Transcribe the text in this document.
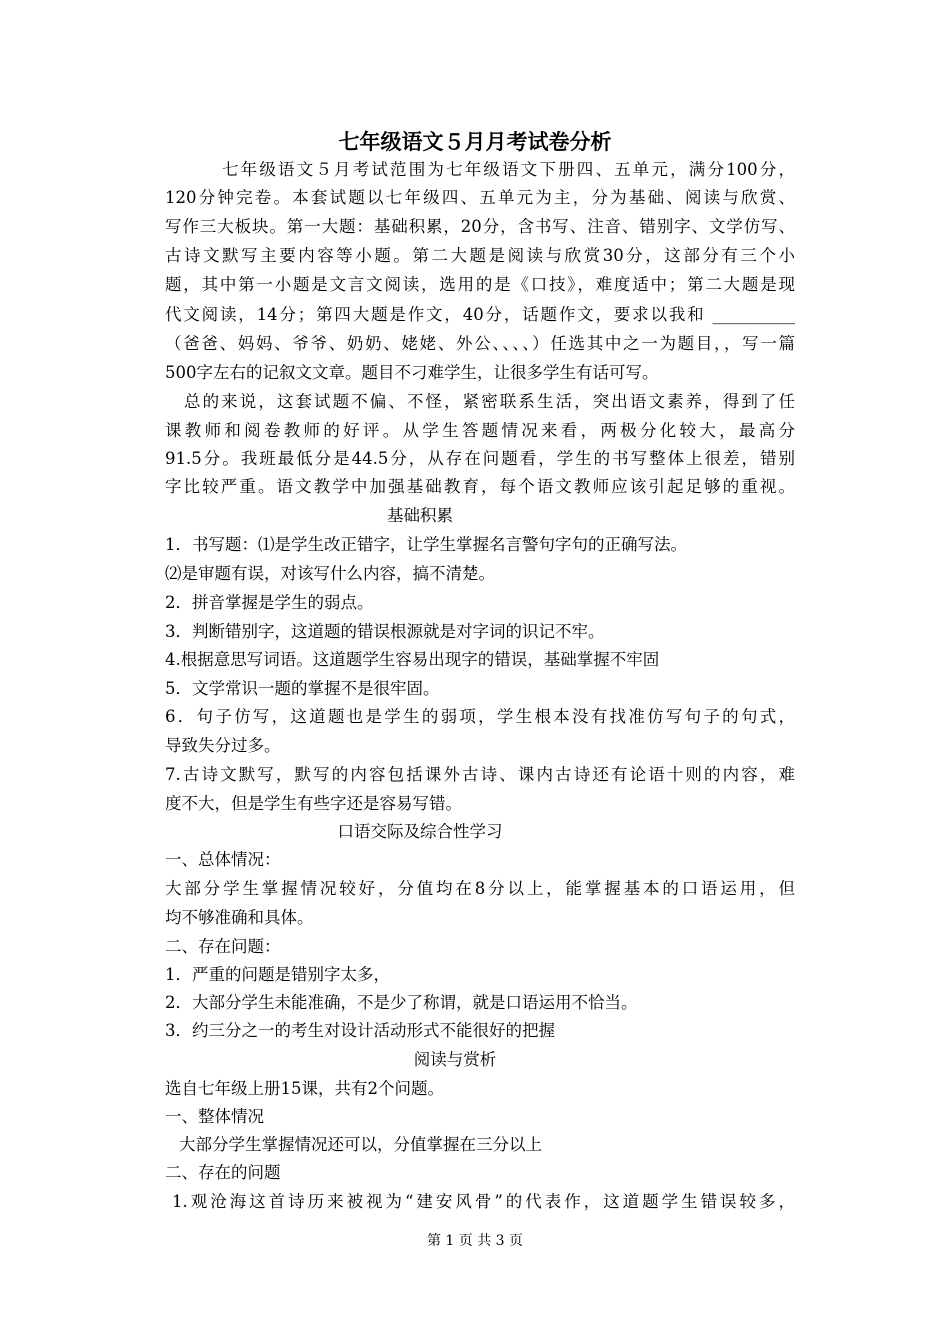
七年级语文５月月考试卷分析
七年级语文５月考试范围为七年级语文下册四、五单元，满分100分，
120分钟完卷。本套试题以七年级四、五单元为主，分为基础、阅读与欣赏、
写作三大板块。第一大题：基础积累，20分，含书写、注音、错别字、文学仿写、
古诗文默写主要内容等小题。第二大题是阅读与欣赏30分，这部分有三个小
题，其中第一小题是文言文阅读，选用的是《口技》，难度适中；第二大题是现
代文阅读，14分；第四大题是作文，40分，话题作文，要求以我和 __________
（爸爸、妈妈、爷爷、奶奶、姥姥、外公、、、、）任选其中之一为题目，，写一篇
500字左右的记叙文文章。题目不刁难学生，让很多学生有话可写。
总的来说，这套试题不偏、不怪，紧密联系生活，突出语文素养，得到了任
课教师和阅卷教师的好评。从学生答题情况来看，两极分化较大，最高分
91.5分。我班最低分是44.5分，从存在问题看，学生的书写整体上很差，错别
字比较严重。语文教学中加强基础教育，每个语文教师应该引起足够的重视。
基础积累
1．书写题：⑴是学生改正错字，让学生掌握名言警句字句的正确写法。
⑵是审题有误，对该写什么内容，搞不清楚。
2．拼音掌握是学生的弱点。
3．判断错别字，这道题的错误根源就是对字词的识记不牢。
4.根据意思写词语。这道题学生容易出现字的错误，基础掌握不牢固
5．文学常识一题的掌握不是很牢固。
6．句子仿写，这道题也是学生的弱项，学生根本没有找准仿写句子的句式，
导致失分过多。
7.古诗文默写，默写的内容包括课外古诗、课内古诗还有论语十则的内容，难
度不大，但是学生有些字还是容易写错。
口语交际及综合性学习
一、总体情况：
大部分学生掌握情况较好，分值均在8分以上，能掌握基本的口语运用，但
均不够准确和具体。
二、存在问题：
1．严重的问题是错别字太多，
2．大部分学生未能准确，不是少了称谓，就是口语运用不恰当。
3．约三分之一的考生对设计活动形式不能很好的把握
阅读与赏析
选自七年级上册15课，共有2个问题。
一、整体情况
大部分学生掌握情况还可以，分值掌握在三分以上
二、存在的问题
1.观沧海这首诗历来被视为“建安风骨”的代表作，这道题学生错误较多，
第 1 页 共 3 页
